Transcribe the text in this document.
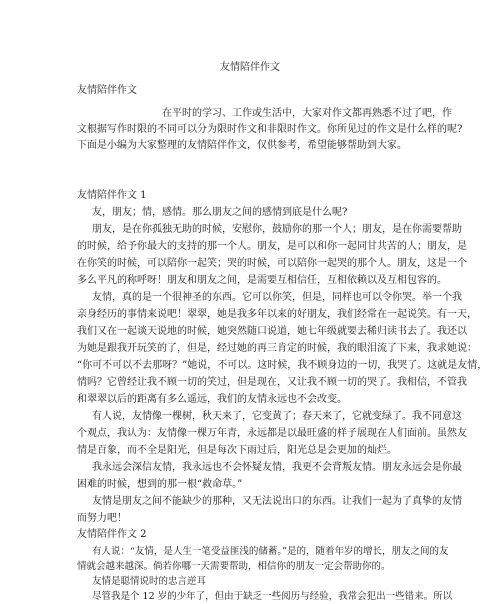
友情陪伴作文
友情陪伴作文
在平时的学习、工作或生活中，大家对作文都再熟悉不过了吧，作
文根据写作时限的不同可以分为限时作文和非限时作文。你所见过的作文是什么样的呢?
下面是小编为大家整理的友情陪伴作文，仅供参考，希望能够帮助到大家。
友情陪伴作文 1
友，朋友；情，感情。那么朋友之间的感情到底是什么呢?
朋友，是在你孤独无助的时候，安慰你，鼓励你的那一个人；朋友，是在你需要帮助
的时候，给予你最大的支持的那一个人。朋友，是可以和你一起同甘共苦的人；朋友，是
在你笑的时候，可以陪你一起笑；哭的时候，可以陪你一起哭的那个人。朋友，这是一个
多么平凡的称呼呀！朋友和朋友之间，是需要互相信任，互相依赖以及互相包容的。
友情，真的是一个很神圣的东西。它可以你笑，但是，同样也可以令你哭。举一个我
亲身经历的事情来说吧！翠翠，她是我多年以来的好朋友，我们经常在一起说笑。有一天，
我们又在一起谈天说地的时候，她突然随口说道，她七年级就要去稀归读书去了。我还以
为她是跟我开玩笑的了，但是，经过她的再三肯定的时候，我的眼泪流了下来，我求她说：
“你可不可以不去那呀？”她说，不可以。这时候，我不顾身边的一切，我哭了。这就是友情，
情吗？它曾经让我不顾一切的笑过，但是现在，又让我不顾一切的哭了。我相信，不管我
和翠翠以后的距离有多么遥远，我们的友情永远也不会改变。
有人说，友情像一棵树，秋天来了，它变黄了；春天来了，它就变绿了。我不同意这
个观点，我认为：友情像一棵万年青，永远都是以最旺盛的样子展现在人们面前。虽然友
情是百象，而不全是阳光，但是每次下雨过后，阳光总是会更加的灿烂。
我永远会深信友情，我永远也不会怀疑友情，我更不会背叛友情。朋友永远会是你最
困难的时候，想到的那一根“救命草。”
友情是朋友之间不能缺少的那种，又无法说出口的东西。让我们一起为了真挚的友情
而努力吧！
友情陪伴作文 2
有人说：“友情，是人生一笔受益匪浅的储蓄。”是的，随着年岁的增长，朋友之间的友
情就会越来越深。倘若你哪一天需要帮助，相信你的朋友一定会帮助你的。
友情是聪情说时的忠言逆耳
尽管我是个 12 岁的少年了，但由于缺乏一些阅历与经验，我常会犯出一些错来。所以
